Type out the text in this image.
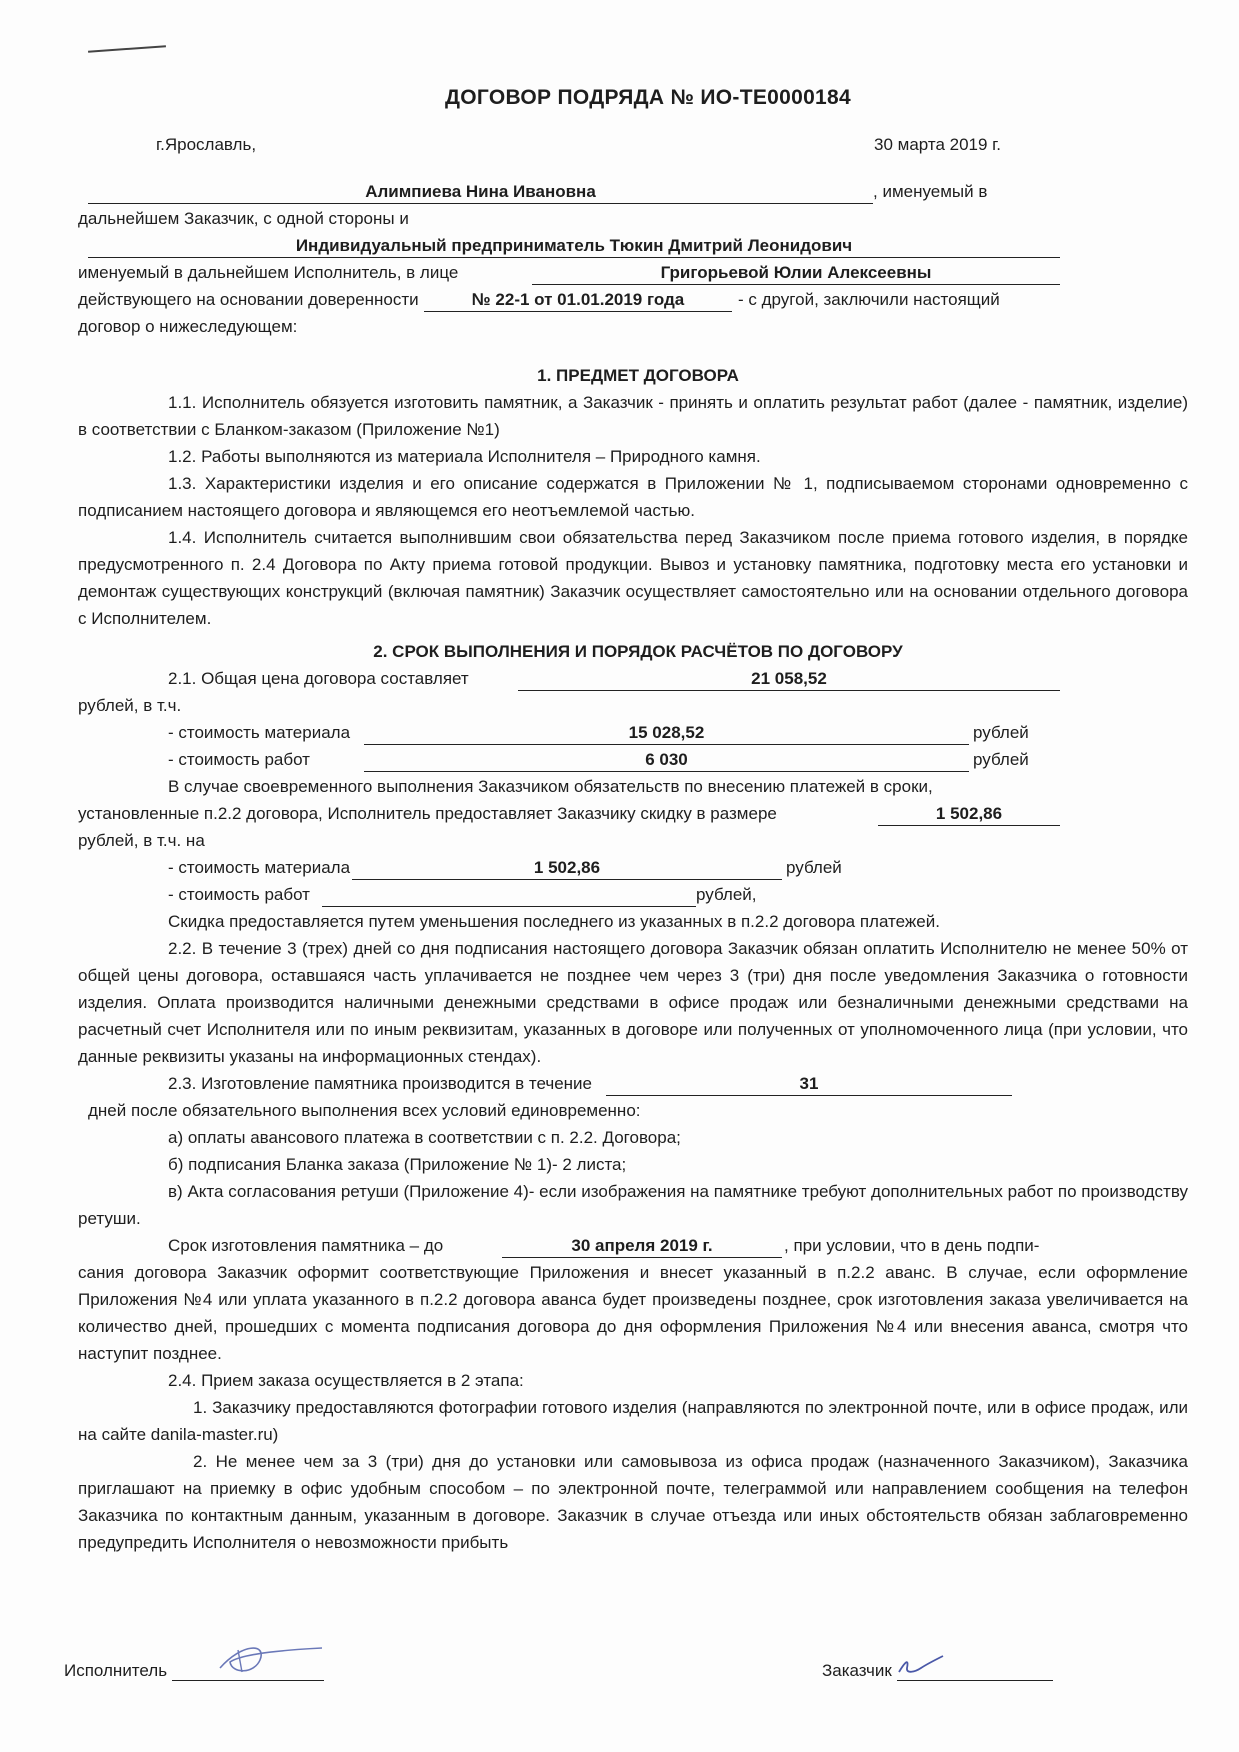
ДОГОВОР ПОДРЯДА № ИО-ТЕ0000184
г.Ярославль,	30 марта 2019 г.
Алимпиева Нина Ивановна	, именуемый в
дальнейшем Заказчик, с одной стороны и
Индивидуальный предприниматель Тюкин Дмитрий Леонидович
именуемый в дальнейшем Исполнитель, в лице	Григорьевой Юлии Алексеевны
действующего на основании доверенности	№ 22-1 от 01.01.2019 года	- с другой, заключили настоящий
договор о нижеследующем:
1. ПРЕДМЕТ ДОГОВОРА

1.1. Исполнитель обязуется изготовить памятник, а Заказчик - принять и оплатить результат работ (далее - памятник, изделие) в соответствии с Бланком-заказом (Приложение №1)

1.2. Работы выполняются из материала Исполнителя – Природного камня.

1.3. Характеристики изделия и его описание содержатся в Приложении № 1, подписываемом сторонами одновременно с подписанием настоящего договора и являющемся его неотъемлемой частью.

1.4. Исполнитель считается выполнившим свои обязательства перед Заказчиком после приема готового изделия, в порядке предусмотренного п. 2.4 Договора по Акту приема готовой продукции. Вывоз и установку памятника, подготовку места его установки и демонтаж существующих конструкций (включая памятник) Заказчик осуществляет самостоятельно или на основании отдельного договора с Исполнителем.

2. СРОК ВЫПОЛНЕНИЯ И ПОРЯДОК РАСЧЁТОВ ПО ДОГОВОРУ
2.1. Общая цена договора составляет	21 058,52
рублей, в т.ч.
- стоимость материала	15 028,52	рублей
- стоимость работ	6 030	рублей
В случае своевременного выполнения Заказчиком обязательств по внесению платежей в сроки,
установленные п.2.2 договора, Исполнитель предоставляет Заказчику скидку в размере	1 502,86
рублей, в т.ч. на
- стоимость материала	1 502,86	рублей
- стоимость работ	рублей,
Скидка предоставляется путем уменьшения последнего из указанных в п.2.2 договора платежей.

2.2. В течение 3 (трех) дней со дня подписания настоящего договора Заказчик обязан оплатить Исполнителю не менее 50% от общей цены договора, оставшаяся часть уплачивается не позднее чем через 3 (три) дня после уведомления Заказчика о готовности изделия. Оплата производится наличными денежными средствами в офисе продаж или безналичными денежными средствами на расчетный счет Исполнителя или по иным реквизитам, указанных в договоре или полученных от уполномоченного лица (при условии, что данные реквизиты указаны на информационных стендах).

2.3. Изготовление памятника производится в течение	31
дней после обязательного выполнения всех условий единовременно:
а) оплаты авансового платежа в соответствии с п. 2.2. Договора;
б) подписания Бланка заказа (Приложение № 1)- 2 листа;

в) Акта согласования ретуши (Приложение 4)- если изображения на памятнике требуют дополнительных работ по производству ретуши.

Срок изготовления памятника – до	30 апреля 2019 г.	, при условии, что в день подпи-

сания договора Заказчик оформит соответствующие Приложения и внесет указанный в п.2.2 аванс. В случае, если оформление Приложения №4 или уплата указанного в п.2.2 договора аванса будет произведены позднее, срок изготовления заказа увеличивается на количество дней, прошедших с момента подписания договора до дня оформления Приложения №4 или внесения аванса, смотря что наступит позднее.

2.4. Прием заказа осуществляется в 2 этапа:

1. Заказчику предоставляются фотографии готового изделия (направляются по электронной почте, или в офисе продаж, или на сайте danila-master.ru)

2. Не менее чем за 3 (три) дня до установки или самовывоза из офиса продаж (назначенного Заказчиком), Заказчика приглашают на приемку в офис удобным способом – по электронной почте, телеграммой или направлением сообщения на телефон Заказчика по контактным данным, указанным в договоре. Заказчик в случае отъезда или иных обстоятельств обязан заблаговременно предупредить Исполнителя о невозможности прибыть

Исполнитель	Заказчик
